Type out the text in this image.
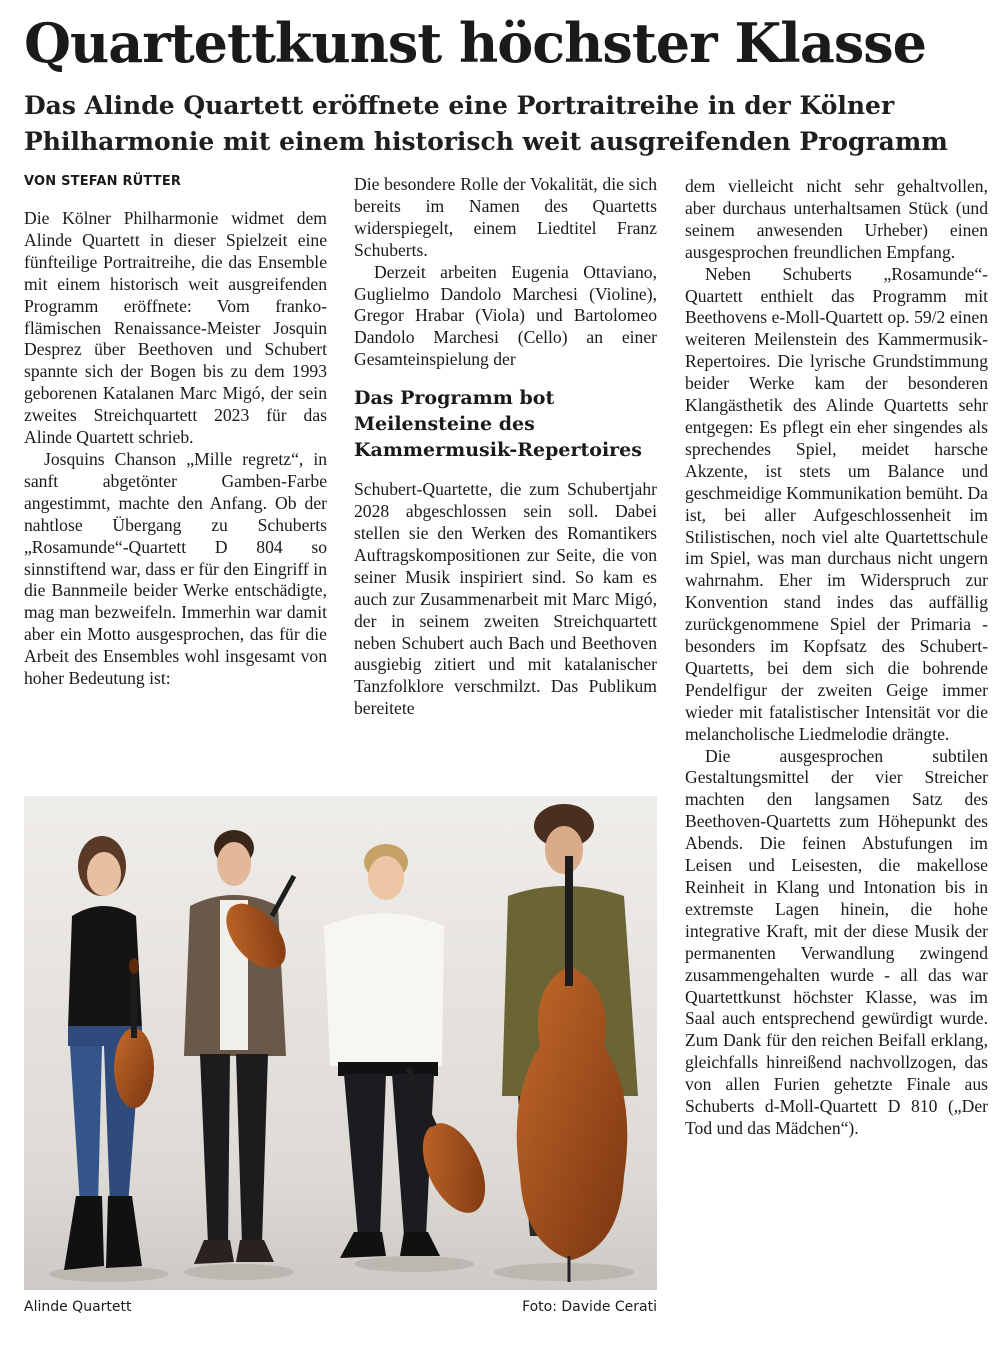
Quartettkunst höchster Klasse
Das Alinde Quartett eröffnete eine Portraitreihe in der Kölner Philharmonie mit einem historisch weit ausgreifenden Programm
VON STEFAN RÜTTER

Die Kölner Philharmonie widmet dem Alinde Quartett in dieser Spielzeit eine fünfteilige Portraitreihe, die das Ensemble mit einem historisch weit ausgreifenden Programm eröffnete: Vom franko-flämischen Renaissance-Meister Josquin Desprez über Beethoven und Schubert spannte sich der Bogen bis zu dem 1993 geborenen Katalanen Marc Migó, der sein zweites Streichquartett 2023 für das Alinde Quartett schrieb.

Josquins Chanson „Mille regretz“, in sanft abgetönter Gamben-Farbe angestimmt, machte den Anfang. Ob der nahtlose Übergang zu Schuberts „Rosamunde“-Quartett D 804 so sinnstiftend war, dass er für den Eingriff in die Bannmeile beider Werke entschädigte, mag man bezweifeln. Immerhin war damit aber ein Motto ausgesprochen, das für die Arbeit des Ensembles wohl insgesamt von hoher Bedeutung ist:

Die besondere Rolle der Vokalität, die sich bereits im Namen des Quartetts widerspiegelt, einem Liedtitel Franz Schuberts.

Derzeit arbeiten Eugenia Ottaviano, Guglielmo Dandolo Marchesi (Violine), Gregor Hrabar (Viola) und Bartolomeo Dandolo Marchesi (Cello) an einer Gesamteinspielung der

Das Programm bot Meilensteine des Kammermusik-Repertoires

Schubert-Quartette, die zum Schubertjahr 2028 abgeschlossen sein soll. Dabei stellen sie den Werken des Romantikers Auftragskompositionen zur Seite, die von seiner Musik inspiriert sind. So kam es auch zur Zusammenarbeit mit Marc Migó, der in seinem zweiten Streichquartett neben Schubert auch Bach und Beethoven ausgiebig zitiert und mit katalanischer Tanzfolklore verschmilzt. Das Publikum bereitete

dem vielleicht nicht sehr gehaltvollen, aber durchaus unterhaltsamen Stück (und seinem anwesenden Urheber) einen ausgesprochen freundlichen Empfang.

Neben Schuberts „Rosamunde“-Quartett enthielt das Programm mit Beethovens e-Moll-Quartett op. 59/2 einen weiteren Meilenstein des Kammermusik-Repertoires. Die lyrische Grundstimmung beider Werke kam der besonderen Klangästhetik des Alinde Quartetts sehr entgegen: Es pflegt ein eher singendes als sprechendes Spiel, meidet harsche Akzente, ist stets um Balance und geschmeidige Kommunikation bemüht. Da ist, bei aller Aufgeschlossenheit im Stilistischen, noch viel alte Quartettschule im Spiel, was man durchaus nicht ungern wahrnahm. Eher im Widerspruch zur Konvention stand indes das auffällig zurückgenommene Spiel der Primaria - besonders im Kopfsatz des Schubert-Quartetts, bei dem sich die bohrende Pendelfigur der zweiten Geige immer wieder mit fatalistischer Intensität vor die melancholische Liedmelodie drängte.

Die ausgesprochen subtilen Gestaltungsmittel der vier Streicher machten den langsamen Satz des Beethoven-Quartetts zum Höhepunkt des Abends. Die feinen Abstufungen im Leisen und Leisesten, die makellose Reinheit in Klang und Intonation bis in extremste Lagen hinein, die hohe integrative Kraft, mit der diese Musik der permanenten Verwandlung zwingend zusammengehalten wurde - all das war Quartettkunst höchster Klasse, was im Saal auch entsprechend gewürdigt wurde. Zum Dank für den reichen Beifall erklang, gleichfalls hinreißend nachvollzogen, das von allen Furien gehetzte Finale aus Schuberts d-Moll-Quartett D 810 („Der Tod und das Mädchen“).

Alinde Quartett	Foto: Davide Cerati
